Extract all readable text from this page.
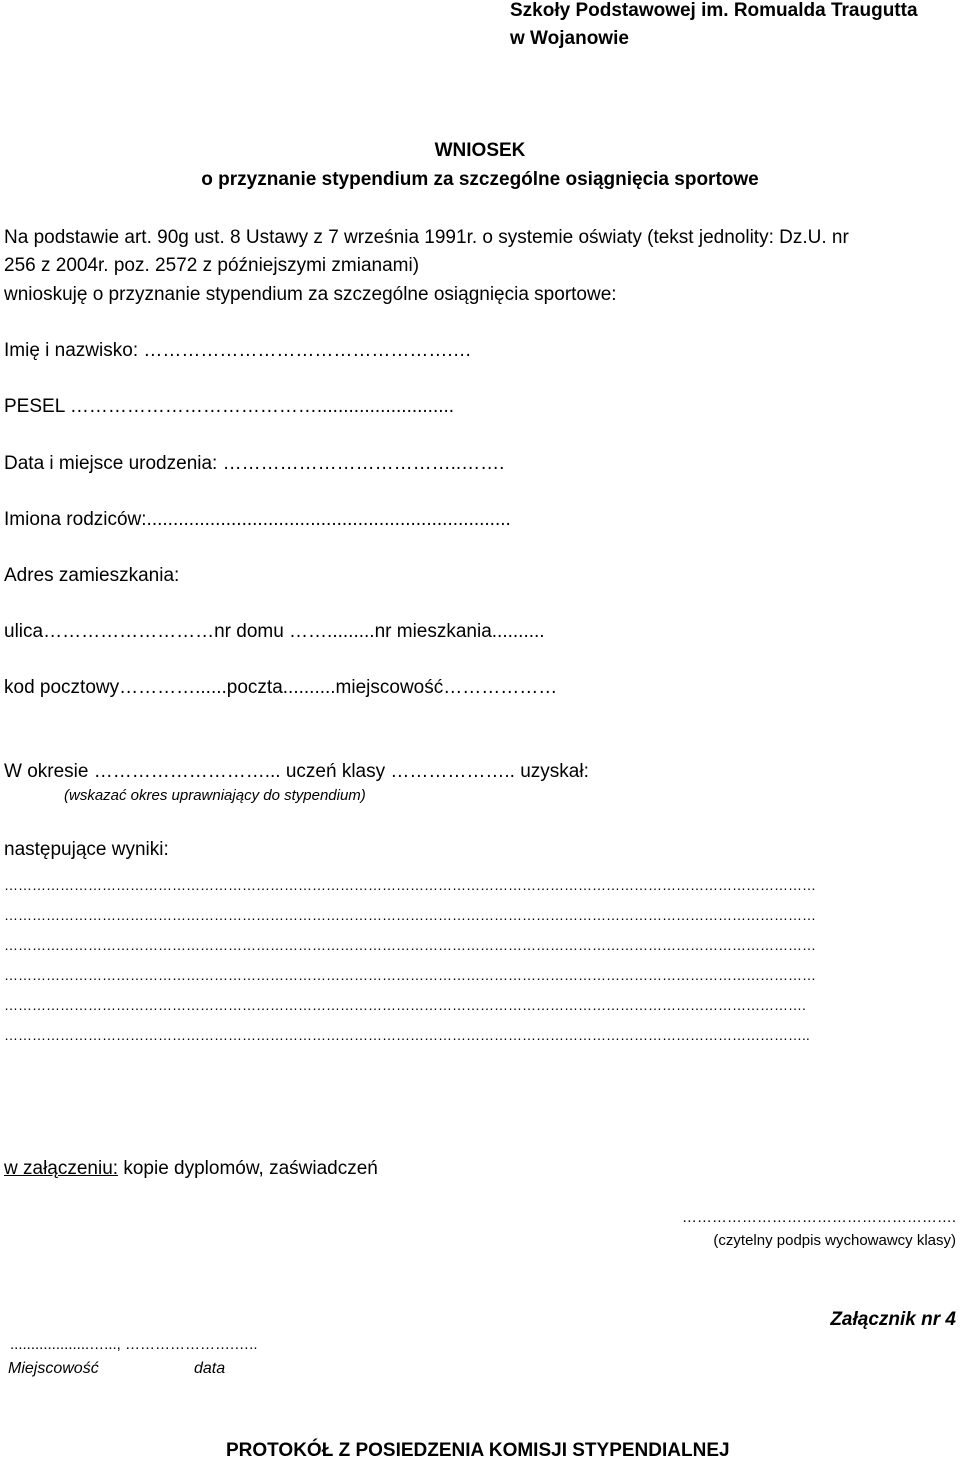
Szkoły Podstawowej im. Romualda Traugutta
w Wojanowie
WNIOSEK
o przyznanie stypendium za szczególne osiągnięcia sportowe
Na podstawie art. 90g ust. 8 Ustawy z 7 września 1991r. o systemie oświaty (tekst jednolity: Dz.U. nr
256 z 2004r. poz. 2572 z późniejszymi zmianami)
wnioskuję o przyznanie stypendium za szczególne osiągnięcia sportowe:
Imię i nazwisko: ………………………………………….…
PESEL …………………………………..........................
Data i miejsce urodzenia: ………………………………..…….
Imiona rodziców:.....................................................................
Adres zamieszkania:
ulica………………………nr domu …….........nr mieszkania..........
kod pocztowy…………......poczta..........miejscowość………………
W okresie ………………………... uczeń klasy ……………….. uzyskał:
(wskazać okres uprawniający do stypendium)
następujące wyniki:
…………………………………………………………………………………………………………………………………………………………
…………………………………………………………………………………………………………………………………………………………
…………………………………………………………………………………………………………………………………………………………
…………………………………………………………………………………………………………………………………………………………
……………………………………………………………………………………………………………………………………………………….
………………………………………………………………………………………………………………………………………………………..
w załączeniu: kopie dyplomów, zaświadczeń
……………………………………………….
(czytelny podpis wychowawcy klasy)
Załącznik nr 4
...................…..., ………………….…..
Miejscowość	data
PROTOKÓŁ Z POSIEDZENIA KOMISJI STYPENDIALNEJ
